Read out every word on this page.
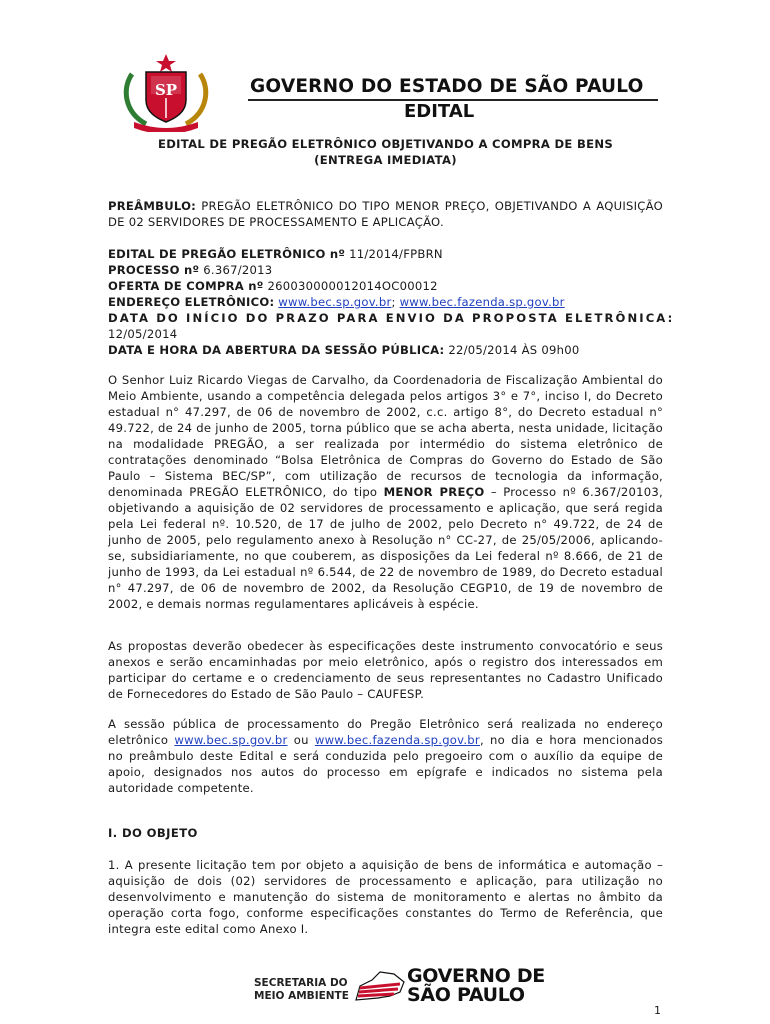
SP	GOVERNO DO ESTADO DE SÃO PAULO
EDITAL
EDITAL DE PREGÃO ELETRÔNICO OBJETIVANDO A COMPRA DE BENS
(ENTREGA IMEDIATA)

PREÂMBULO: PREGÃO ELETRÔNICO DO TIPO MENOR PREÇO, OBJETIVANDO A AQUISIÇÃO DE 02 SERVIDORES DE PROCESSAMENTO E APLICAÇÃO.

EDITAL DE PREGÃO ELETRÔNICO nº 11/2014/FPBRN
PROCESSO nº 6.367/2013
OFERTA DE COMPRA nº 260030000012014OC00012
ENDEREÇO ELETRÔNICO: www.bec.sp.gov.br; www.bec.fazenda.sp.gov.br
DATA DO INÍCIO DO PRAZO PARA ENVIO DA PROPOSTA ELETRÔNICA:
12/05/2014
DATA E HORA DA ABERTURA DA SESSÃO PÚBLICA: 22/05/2014 ÀS 09h00

O Senhor Luiz Ricardo Viegas de Carvalho, da Coordenadoria de Fiscalização Ambiental do Meio Ambiente, usando a competência delegada pelos artigos 3° e 7°, inciso I, do Decreto estadual n° 47.297, de 06 de novembro de 2002, c.c. artigo 8°, do Decreto estadual n° 49.722, de 24 de junho de 2005, torna público que se acha aberta, nesta unidade, licitação na modalidade PREGÃO, a ser realizada por intermédio do sistema eletrônico de contratações denominado “Bolsa Eletrônica de Compras do Governo do Estado de São Paulo – Sistema BEC/SP”, com utilização de recursos de tecnologia da informação, denominada PREGÃO ELETRÔNICO, do tipo MENOR PREÇO – Processo nº 6.367/20103, objetivando a aquisição de 02 servidores de processamento e aplicação, que será regida pela Lei federal nº. 10.520, de 17 de julho de 2002, pelo Decreto n° 49.722, de 24 de junho de 2005, pelo regulamento anexo à Resolução n° CC-27, de 25/05/2006, aplicando-se, subsidiariamente, no que couberem, as disposições da Lei federal nº 8.666, de 21 de junho de 1993, da Lei estadual nº 6.544, de 22 de novembro de 1989, do Decreto estadual n° 47.297, de 06 de novembro de 2002, da Resolução CEGP10, de 19 de novembro de 2002, e demais normas regulamentares aplicáveis à espécie.

As propostas deverão obedecer às especificações deste instrumento convocatório e seus anexos e serão encaminhadas por meio eletrônico, após o registro dos interessados em participar do certame e o credenciamento de seus representantes no Cadastro Unificado de Fornecedores do Estado de São Paulo – CAUFESP.

A sessão pública de processamento do Pregão Eletrônico será realizada no endereço eletrônico www.bec.sp.gov.br ou www.bec.fazenda.sp.gov.br, no dia e hora mencionados no preâmbulo deste Edital e será conduzida pelo pregoeiro com o auxílio da equipe de apoio, designados nos autos do processo em epígrafe e indicados no sistema pela autoridade competente.

I. DO OBJETO

1. A presente licitação tem por objeto a aquisição de bens de informática e automação – aquisição de dois (02) servidores de processamento e aplicação, para utilização no desenvolvimento e manutenção do sistema de monitoramento e alertas no âmbito da operação corta fogo, conforme especificações constantes do Termo de Referência, que integra este edital como Anexo I.

SECRETARIA DO
MEIO AMBIENTE
GOVERNO DE
SÃO PAULO
1
